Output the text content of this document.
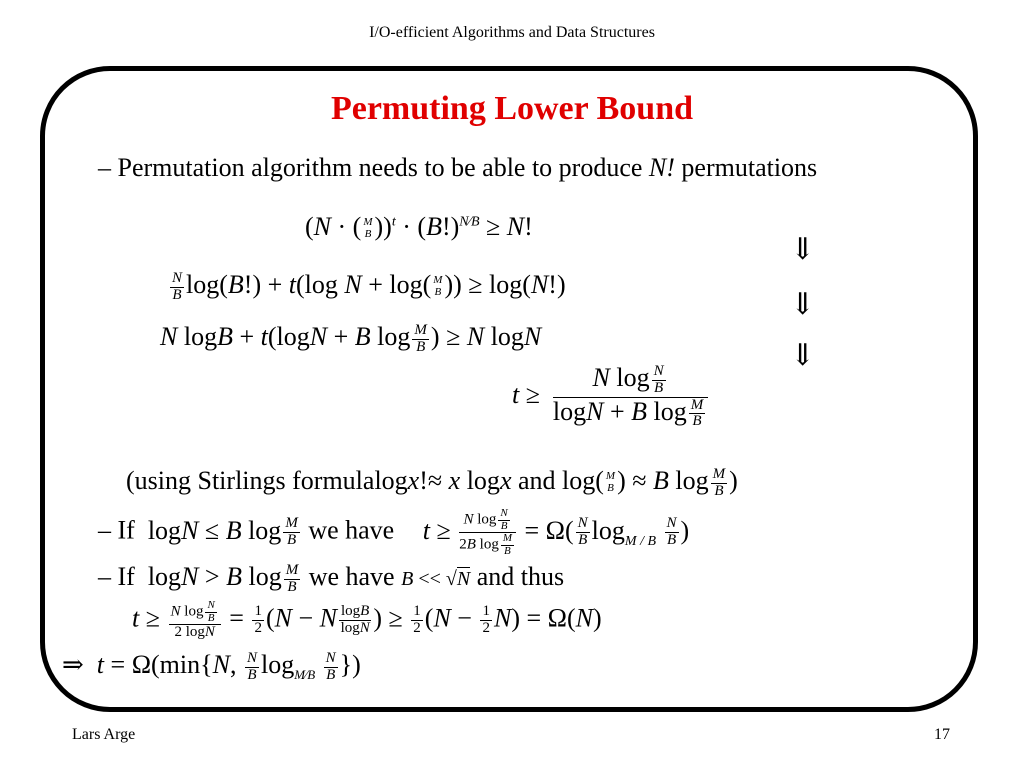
I/O-efficient Algorithms and Data Structures
Permuting Lower Bound
– Permutation algorithm needs to be able to produce N! permutations
(N · ( M
B ))$^t \cdot (B!)^{N⁄B} \ge N$!
$\frac{N}{B} \log(B!) + t(\log$ N + log( M
B )) ≥ log(N!)
N logB + t(logN + B $\log \frac{M}{B}$ ) ≥ N logN
⇓
⇓
⇓
$t \ge \frac{N \log \frac{N}{B}}{\log N + B \log \frac{M}{B}}$
(using Stirlings formulalogx!≈ x logx and log( M
B ) ≈ B $\log \frac{M}{B}$ )
– If  logN ≤ B $\log \frac{M}{B}$ we have $t \ge \frac{N \log \frac{N}{B}}{2B \log \frac{M}{B}} = \Omega( \frac{N}{B} \log_{M / B} \frac{N}{B}$ )
– If  logN > B $\log \frac{M}{B}$ we have B << √N and thus
$t \ge \frac{N \log \frac{N}{B}}{2 \log N} = \frac{1}{2} (N - N \frac{\log B}{\log N}$ ) ≥ $\frac{1}{2} (N - \frac{1}{2} N) = \Omega(N)$
⇒ t = Ω(min{N, $\frac{N}{B} \log_{M⁄B} \frac{N}{B}$ })
Lars Arge	17
